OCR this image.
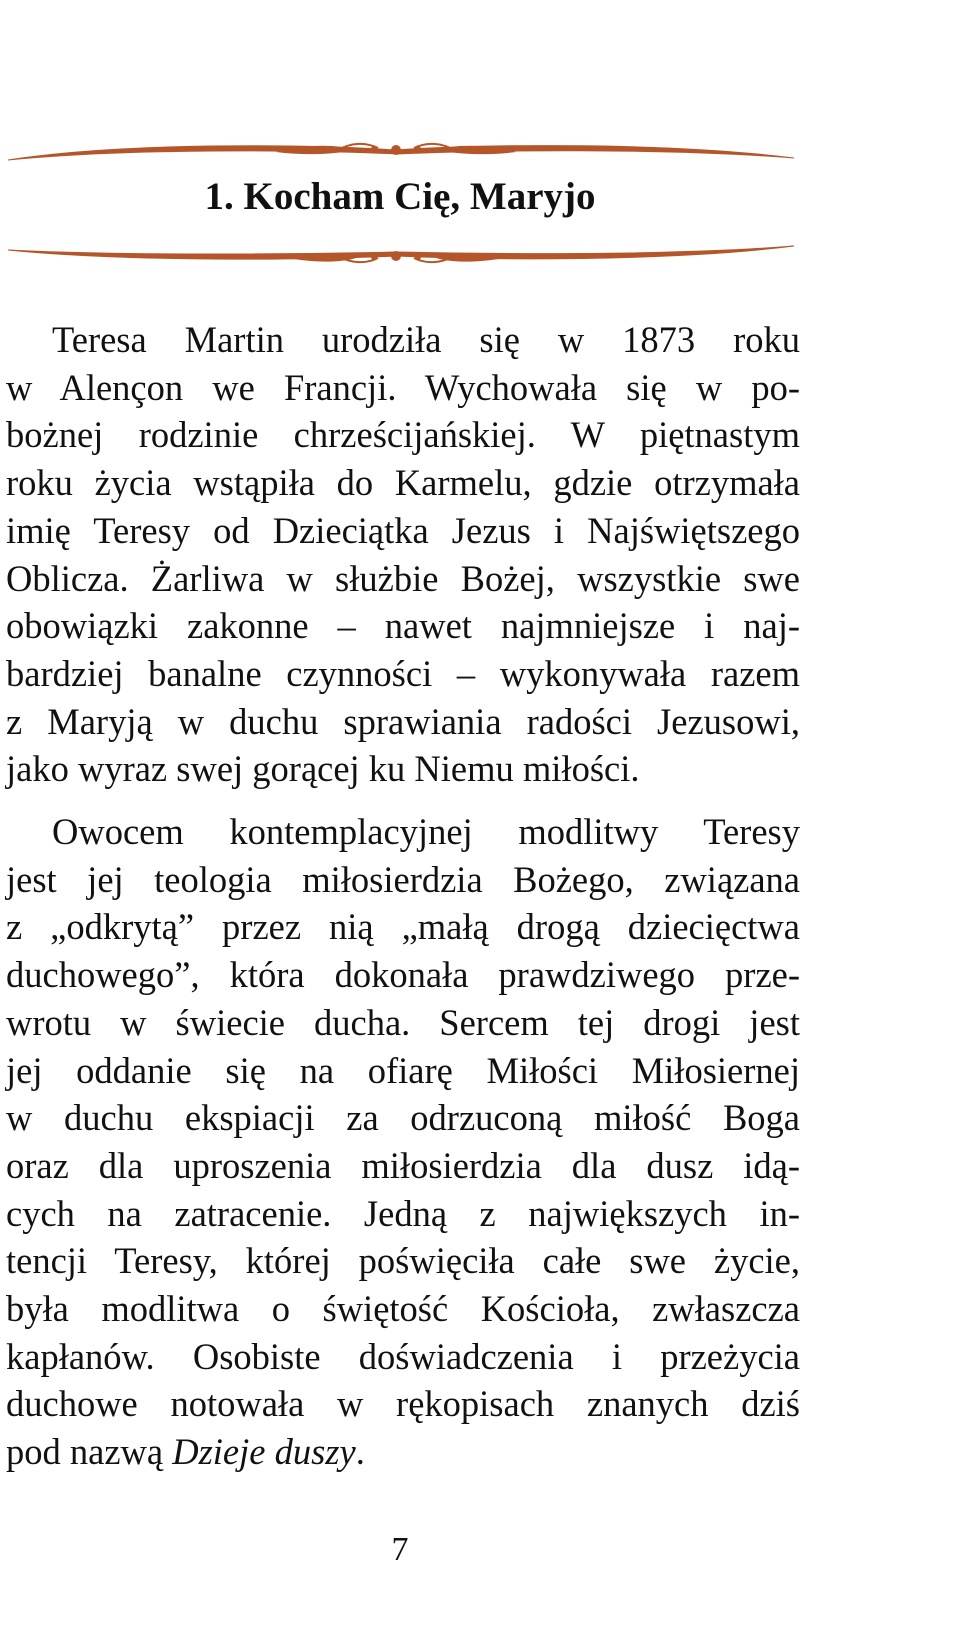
1. Kocham Cię, Maryjo
Teresa Martin urodziła się w 1873 roku
w Alençon we Francji. Wychowała się w po-
bożnej rodzinie chrześcijańskiej. W piętnastym
roku życia wstąpiła do Karmelu, gdzie otrzymała
imię Teresy od Dzieciątka Jezus i Najświętszego
Oblicza. Żarliwa w służbie Bożej, wszystkie swe
obowiązki zakonne – nawet najmniejsze i naj-
bardziej banalne czynności – wykonywała razem
z Maryją w duchu sprawiania radości Jezusowi,
jako wyraz swej gorącej ku Niemu miłości.
Owocem kontemplacyjnej modlitwy Teresy
jest jej teologia miłosierdzia Bożego, związana
z „odkrytą” przez nią „małą drogą dziecięctwa
duchowego”, która dokonała prawdziwego prze-
wrotu w świecie ducha. Sercem tej drogi jest
jej oddanie się na ofiarę Miłości Miłosiernej
w duchu ekspiacji za odrzuconą miłość Boga
oraz dla uproszenia miłosierdzia dla dusz idą-
cych na zatracenie. Jedną z największych in-
tencji Teresy, której poświęciła całe swe życie,
była modlitwa o świętość Kościoła, zwłaszcza
kapłanów. Osobiste doświadczenia i przeżycia
duchowe notowała w rękopisach znanych dziś
pod nazwą Dzieje duszy.
7
